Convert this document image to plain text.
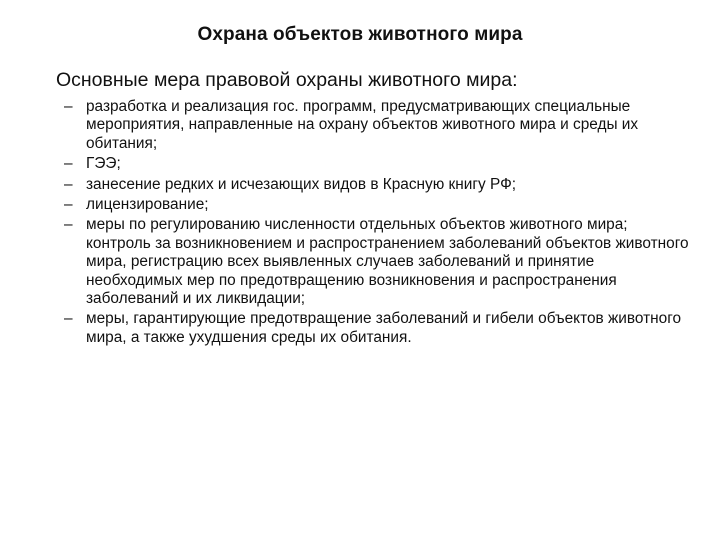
Охрана объектов животного мира
Основные мера правовой охраны животного мира:
– разработка и реализация гос. программ, предусматривающих специальные мероприятия, направленные на охрану объектов животного мира и среды их обитания;
– ГЭЭ;
– занесение редких и исчезающих видов в Красную книгу РФ;
– лицензирование;
– меры по регулированию численности отдельных объектов животного мира; контроль за возникновением и распространением заболеваний объектов животного мира, регистрацию всех выявленных случаев заболеваний и принятие необходимых мер по предотвращению возникновения и распространения заболеваний и их ликвидации;
– меры, гарантирующие предотвращение заболеваний и гибели объектов животного мира, а также ухудшения среды их обитания.
